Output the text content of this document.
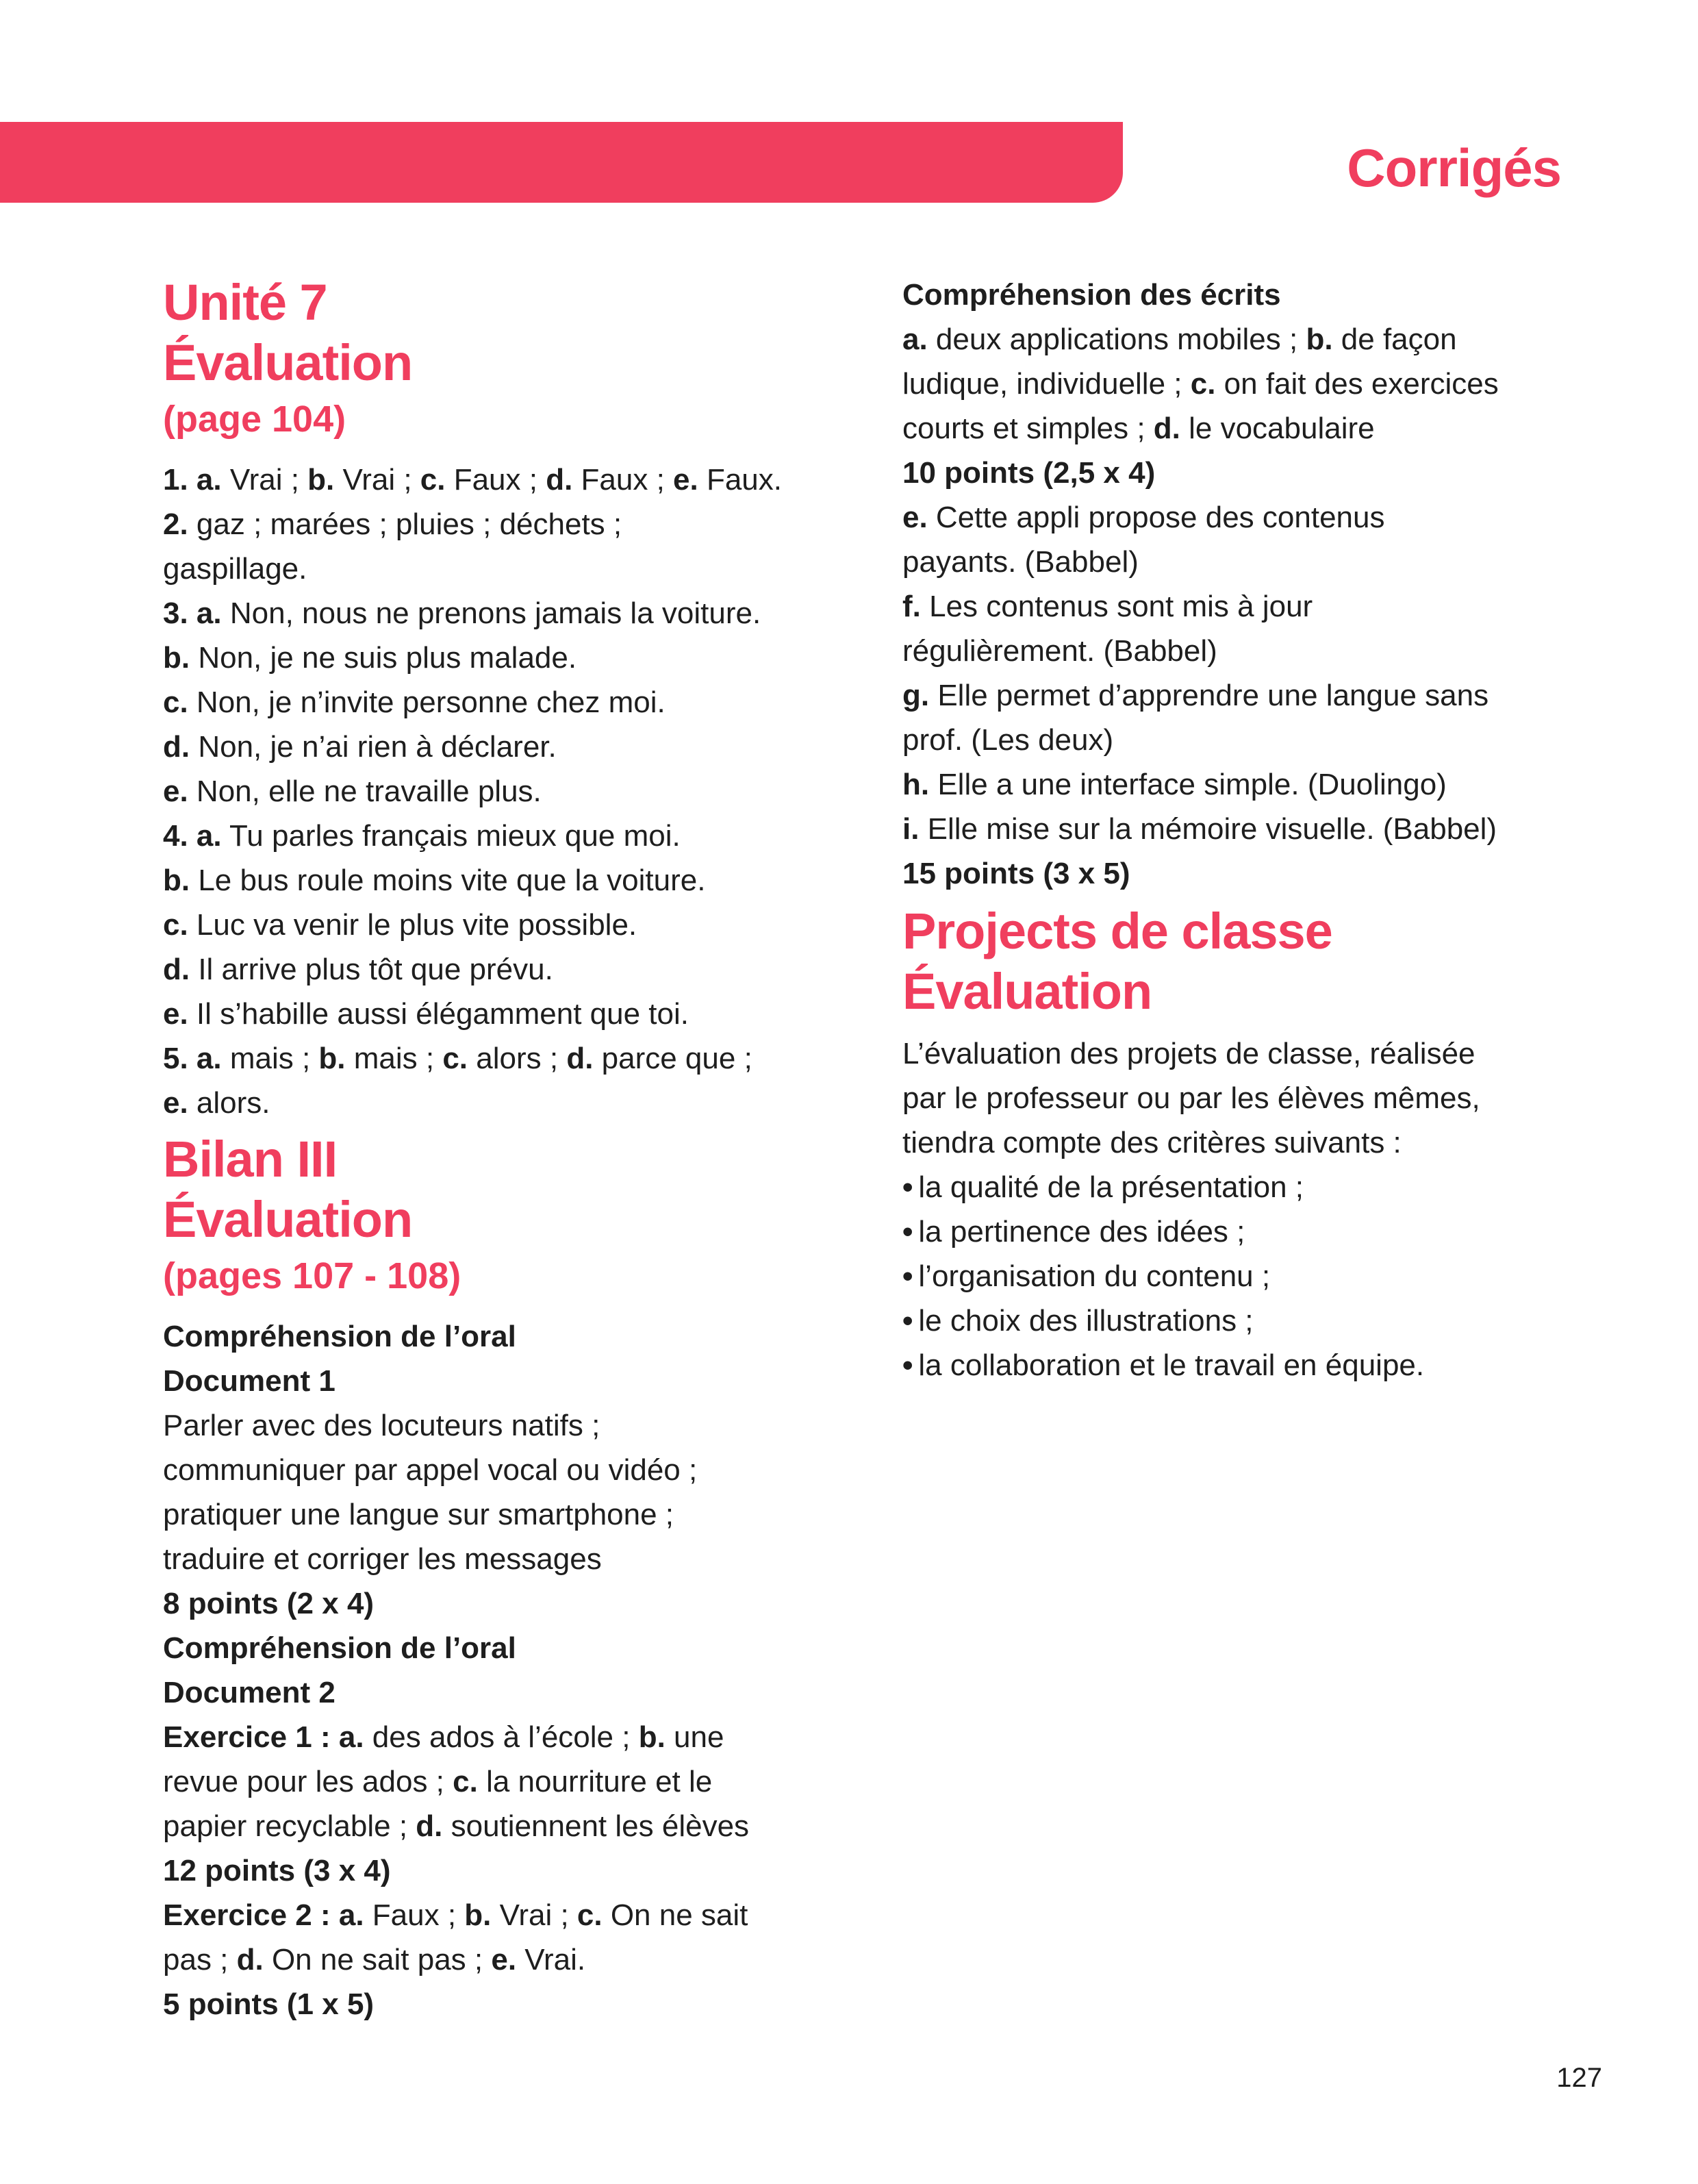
Corrigés
Unité 7
Évaluation
(page 104)

1. a. Vrai ; b. Vrai ; c. Faux ; d. Faux ; e. Faux.

2. gaz ; marées ; pluies ; déchets ;

gaspillage.

3. a. Non, nous ne prenons jamais la voiture.

b. Non, je ne suis plus malade.

c. Non, je n’invite personne chez moi.

d. Non, je n’ai rien à déclarer.

e. Non, elle ne travaille plus.

4. a. Tu parles français mieux que moi.

b. Le bus roule moins vite que la voiture.

c. Luc va venir le plus vite possible.

d. Il arrive plus tôt que prévu.

e. Il s’habille aussi élégamment que toi.

5. a. mais ; b. mais ; c. alors ; d. parce que ;

e. alors.

Bilan III
Évaluation
(pages 107 - 108)

Compréhension de l’oral

Document 1

Parler avec des locuteurs natifs ;

communiquer par appel vocal ou vidéo ;

pratiquer une langue sur smartphone ;

traduire et corriger les messages

8 points (2 x 4)

Compréhension de l’oral

Document 2

Exercice 1 : a. des ados à l’école ; b. une

revue pour les ados ; c. la nourriture et le

papier recyclable ; d. soutiennent les élèves

12 points (3 x 4)

Exercice 2 : a. Faux ; b. Vrai ; c. On ne sait

pas ; d. On ne sait pas ; e. Vrai.

5 points (1 x 5)

Compréhension des écrits

a. deux applications mobiles ; b. de façon

ludique, individuelle ; c. on fait des exercices

courts et simples ; d. le vocabulaire

10 points (2,5 x 4)

e. Cette appli propose des contenus

payants. (Babbel)

f. Les contenus sont mis à jour

régulièrement. (Babbel)

g. Elle permet d’apprendre une langue sans

prof. (Les deux)

h. Elle a une interface simple. (Duolingo)

i. Elle mise sur la mémoire visuelle. (Babbel)

15 points (3 x 5)

Projects de classe
Évaluation

L’évaluation des projets de classe, réalisée

par le professeur ou par les élèves mêmes,

tiendra compte des critères suivants :

• la qualité de la présentation ;

• la pertinence des idées ;

• l’organisation du contenu ;

• le choix des illustrations ;

• la collaboration et le travail en équipe.

127
